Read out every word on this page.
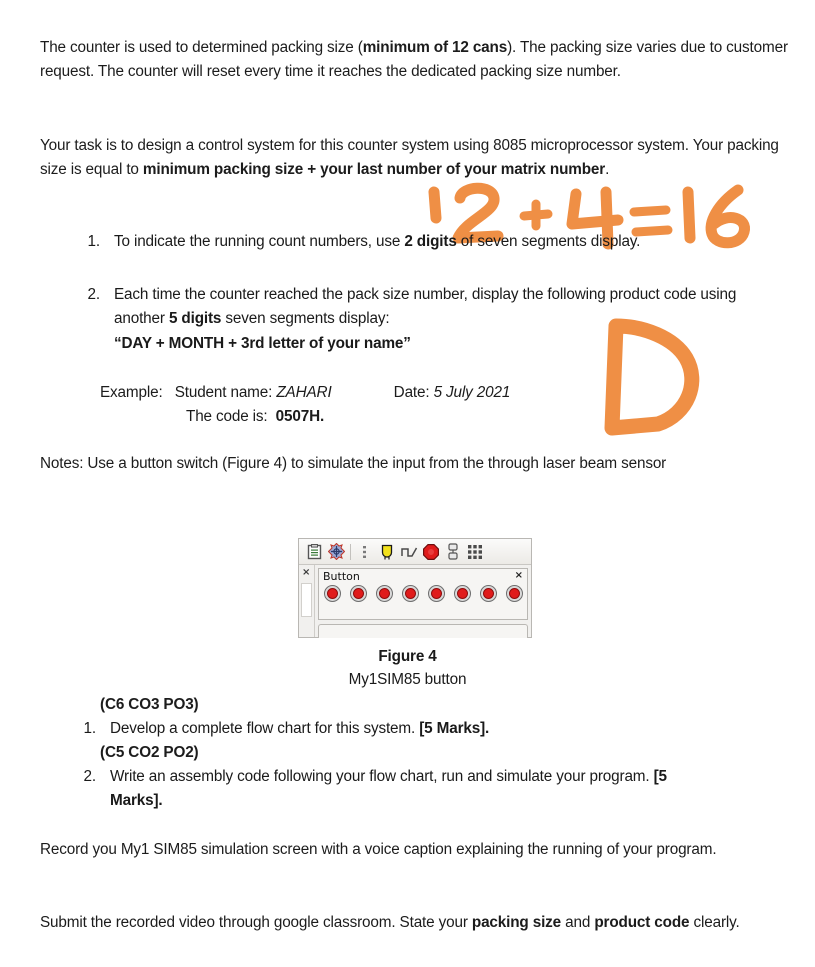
The counter is used to determined packing size (minimum of 12 cans). The packing size varies due to customer request. The counter will reset every time it reaches the dedicated packing size number.
Your task is to design a control system for this counter system using 8085 microprocessor system. Your packing size is equal to minimum packing size + your last number of your matrix number.
1. To indicate the running count numbers, use 2 digits of seven segments display.
2. Each time the counter reached the pack size number, display the following product code using another 5 digits seven segments display:
“DAY + MONTH + 3rd letter of your name”
Example: Student name: ZAHARI	Date: 5 July 2021
The code is: 0507H.
Notes: Use a button switch (Figure 4) to simulate the input from the through laser beam sensor
×	Button	×
Figure 4
My1SIM85 button
(C6 CO3 PO3)
1. Develop a complete flow chart for this system. [5 Marks].
(C5 CO2 PO2)
2. Write an assembly code following your flow chart, run and simulate your program. [5 Marks].
Record you My1 SIM85 simulation screen with a voice caption explaining the running of your program.
Submit the recorded video through google classroom. State your packing size and product code clearly.
